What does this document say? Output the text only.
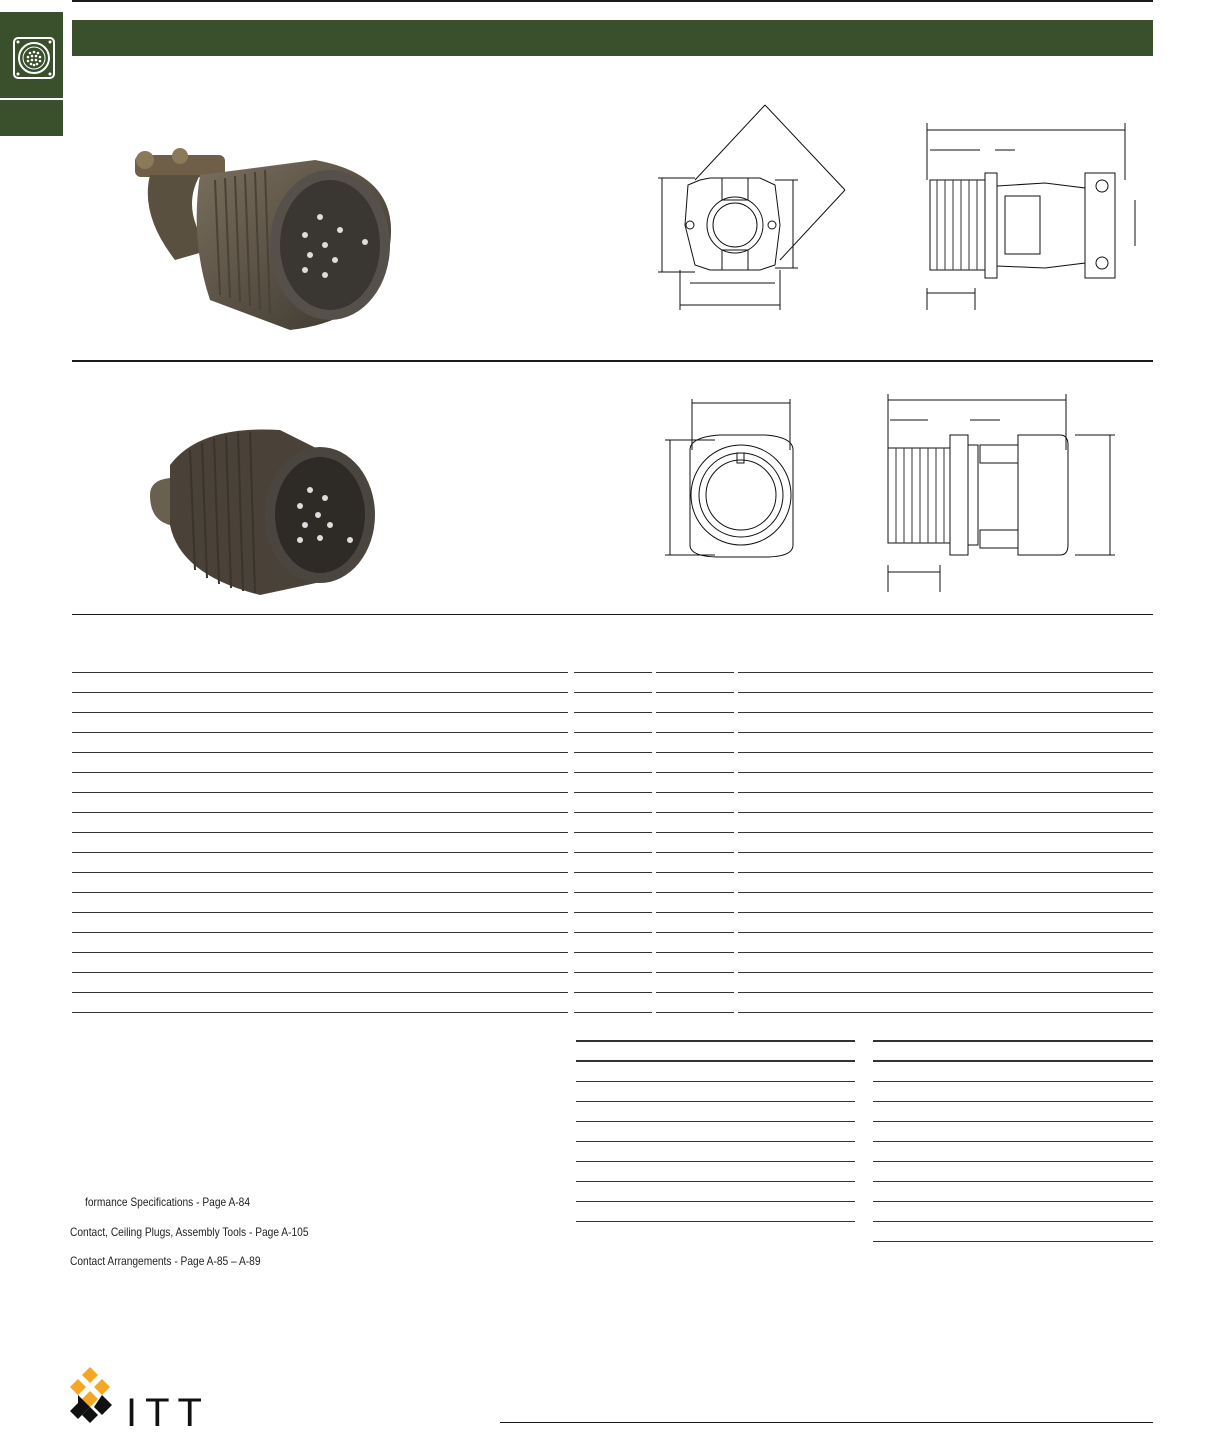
formance Specifications - Page A-84
Contact, Ceiling Plugs, Assembly Tools - Page A-105
Contact Arrangements - Page A-85 – A-89
ITT
